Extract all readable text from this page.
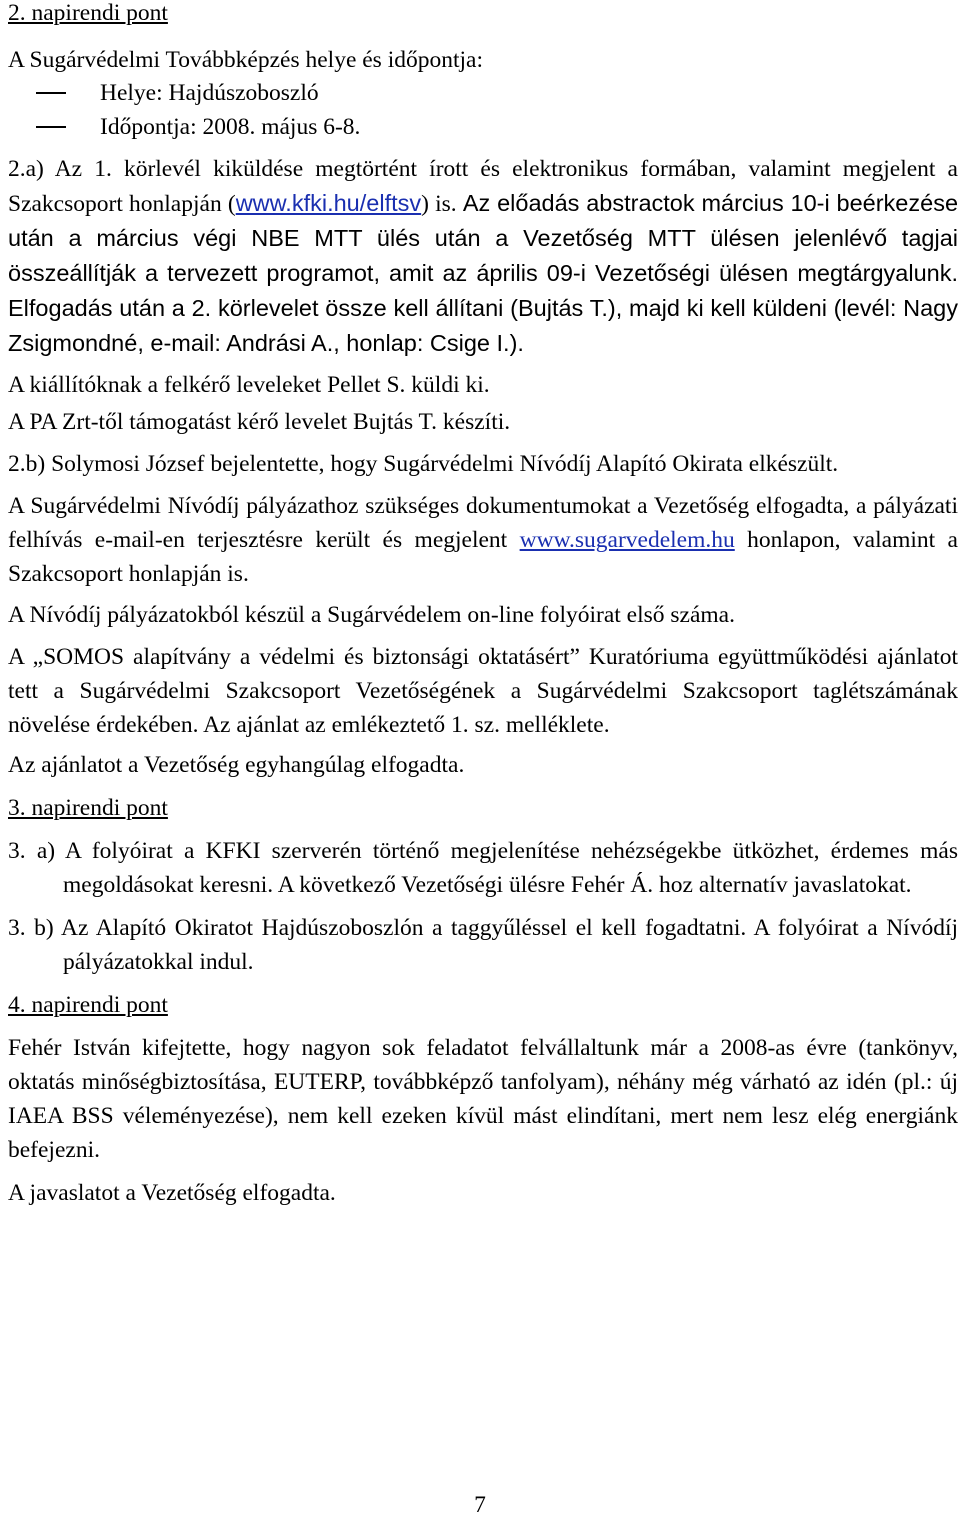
2. napirendi pont

A Sugárvédelmi Továbbképzés helye és időpontja:

Helye: Hajdúszoboszló
Időpontja: 2008. május 6-8.

2.a) Az 1. körlevél kiküldése megtörtént írott és elektronikus formában, valamint megjelent a Szakcsoport honlapján (www.kfki.hu/elftsv) is. Az előadás abstractok március 10-i beérkezése után a március végi NBE MTT ülés után a Vezetőség MTT ülésen jelenlévő tagjai összeállítják a tervezett programot, amit az április 09-i Vezetőségi ülésen megtárgyalunk. Elfogadás után a 2. körlevelet össze kell állítani (Bujtás T.), majd ki kell küldeni (levél: Nagy Zsigmondné, e-mail: Andrási A., honlap: Csige I.).

A kiállítóknak a felkérő leveleket Pellet S. küldi ki.

A PA Zrt-től támogatást kérő levelet Bujtás T. készíti.

2.b) Solymosi József bejelentette, hogy Sugárvédelmi Nívódíj Alapító Okirata elkészült.

A Sugárvédelmi Nívódíj pályázathoz szükséges dokumentumokat a Vezetőség elfogadta, a pályázati felhívás e-mail-en terjesztésre került és megjelent www.sugarvedelem.hu honlapon, valamint a Szakcsoport honlapján is.

A Nívódíj pályázatokból készül a Sugárvédelem on-line folyóirat első száma.

A „SOMOS alapítvány a védelmi és biztonsági oktatásért” Kuratóriuma együttműködési ajánlatot tett a Sugárvédelmi Szakcsoport Vezetőségének a Sugárvédelmi Szakcsoport taglétszámának növelése érdekében. Az ajánlat az emlékeztető 1. sz. melléklete.

Az ajánlatot a Vezetőség egyhangúlag elfogadta.

3. napirendi pont

3. a) A folyóirat a KFKI szerverén történő megjelenítése nehézségekbe ütközhet, érdemes más megoldásokat keresni. A következő Vezetőségi ülésre Fehér Á. hoz alternatív javaslatokat.

3. b) Az Alapító Okiratot Hajdúszoboszlón a taggyűléssel el kell fogadtatni. A folyóirat a Nívódíj pályázatokkal indul.

4. napirendi pont

Fehér István kifejtette, hogy nagyon sok feladatot felvállaltunk már a 2008-as évre (tankönyv, oktatás minőségbiztosítása, EUTERP, továbbképző tanfolyam), néhány még várható az idén (pl.: új IAEA BSS véleményezése), nem kell ezeken kívül mást elindítani, mert nem lesz elég energiánk befejezni.

A javaslatot a Vezetőség elfogadta.

7
